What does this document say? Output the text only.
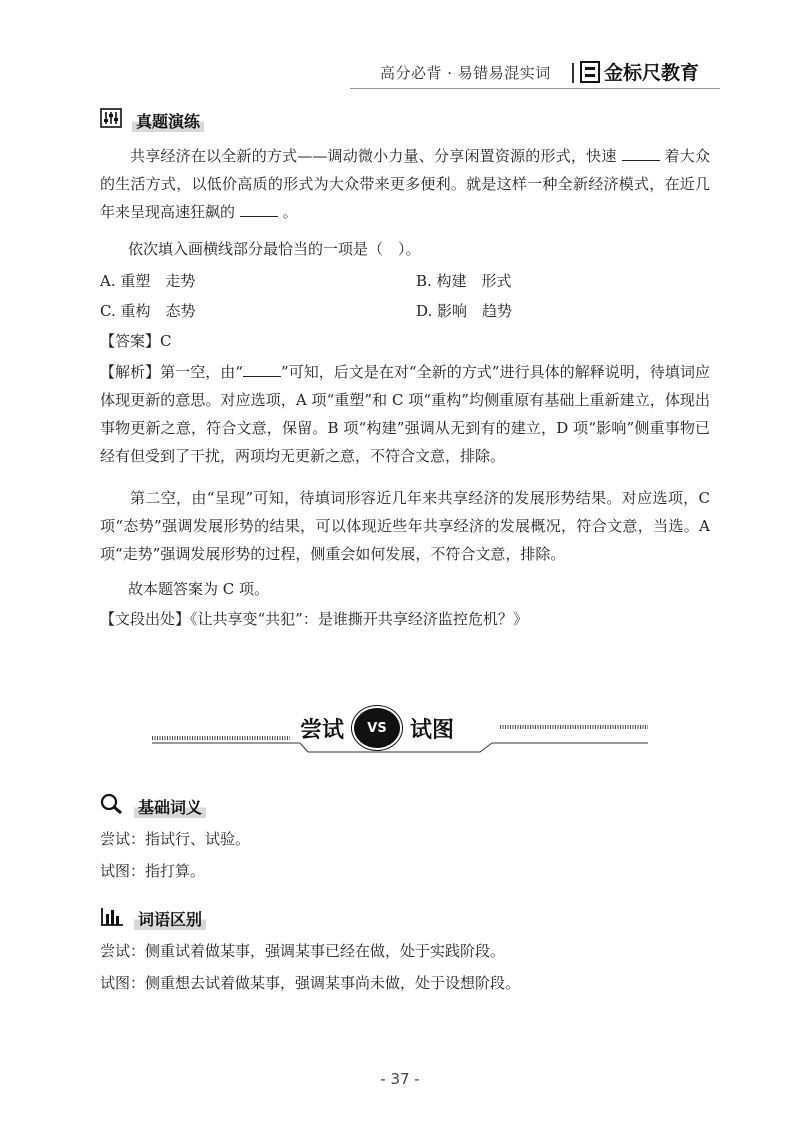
高分必背 · 易错易混实词	金标尺教育
真题演练
共享经济在以全新的方式——调动微小力量、分享闲置资源的形式，快速	着大众的生活方式，以低价高质的形式为大众带来更多便利。就是这样一种全新经济模式，在近几年来呈现高速狂飙的	。
依次填入画横线部分最恰当的一项是（　）。
A. 重塑　走势	B. 构建　形式
C. 重构　态势	D. 影响　趋势
【答案】C
【解析】第一空，由“	”可知，后文是在对“全新的方式”进行具体的解释说明，待填词应体现更新的意思。对应选项，A 项“重塑”和 C 项“重构”均侧重原有基础上重新建立，体现出事物更新之意，符合文意，保留。B 项“构建”强调从无到有的建立，D 项“影响”侧重事物已经有但受到了干扰，两项均无更新之意，不符合文意，排除。
第二空，由“呈现”可知，待填词形容近几年来共享经济的发展形势结果。对应选项，C 项“态势”强调发展形势的结果，可以体现近些年共享经济的发展概况，符合文意，当选。A 项“走势”强调发展形势的过程，侧重会如何发展，不符合文意，排除。
故本题答案为 C 项。
【文段出处】《让共享变“共犯”：是谁撕开共享经济监控危机？》
尝试	VS	试图
基础词义
尝试：指试行、试验。
试图：指打算。
词语区别
尝试：侧重试着做某事，强调某事已经在做，处于实践阶段。
试图：侧重想去试着做某事，强调某事尚未做，处于设想阶段。
- 37 -
